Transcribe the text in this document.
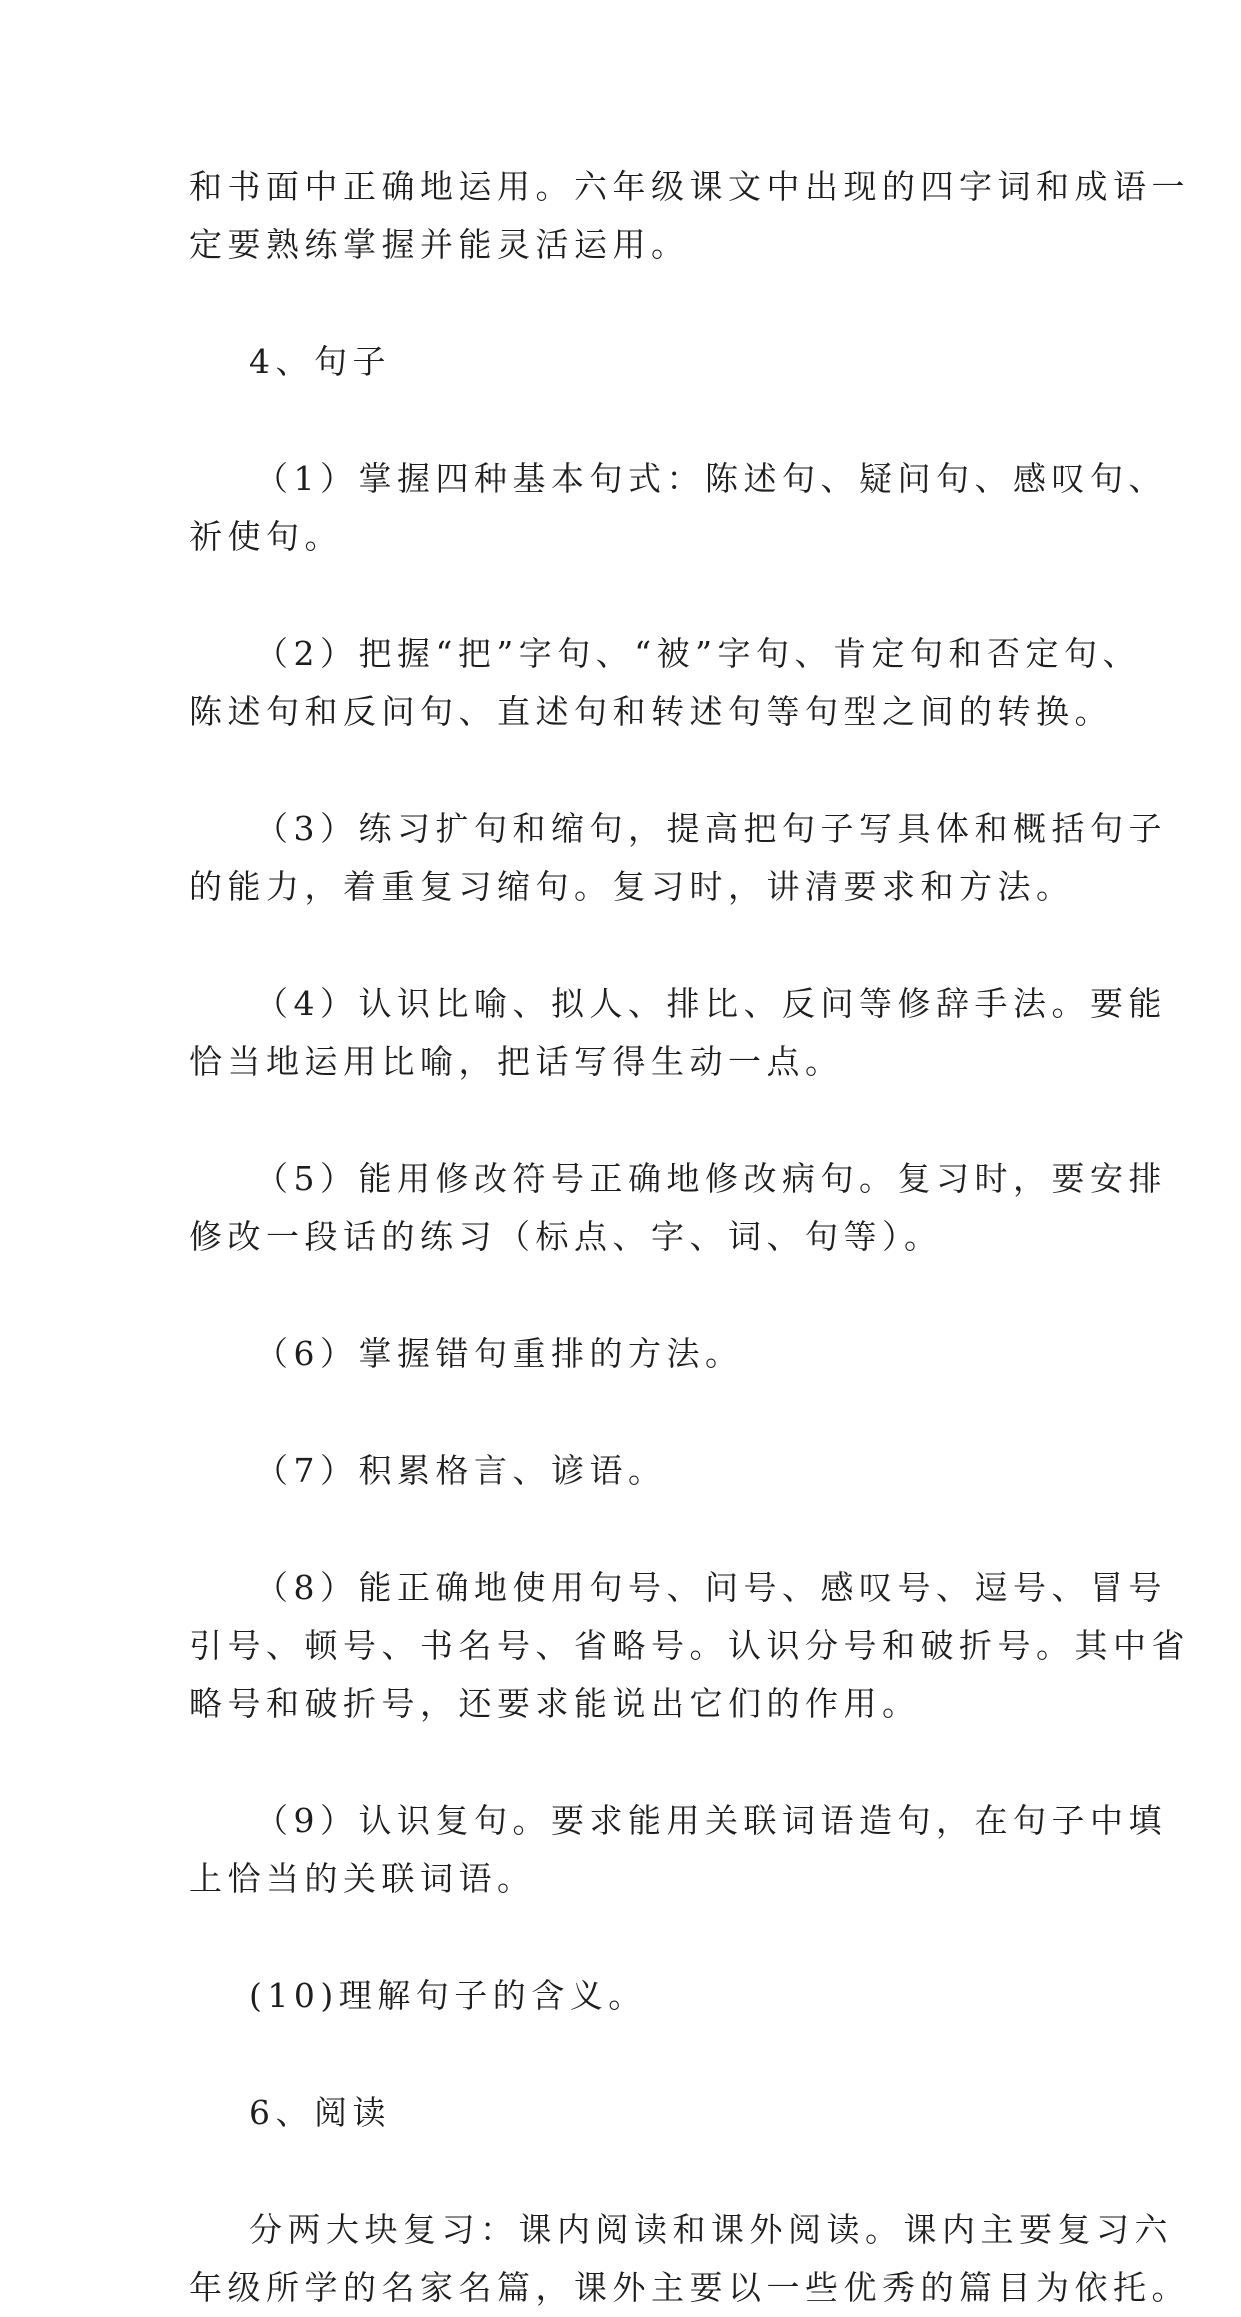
和书面中正确地运用。六年级课文中出现的四字词和成语一
定要熟练掌握并能灵活运用。
4、句子
（1）掌握四种基本句式：陈述句、疑问句、感叹句、
祈使句。
（2）把握“把”字句、“被”字句、肯定句和否定句、
陈述句和反问句、直述句和转述句等句型之间的转换。
（3）练习扩句和缩句，提高把句子写具体和概括句子
的能力，着重复习缩句。复习时，讲清要求和方法。
（4）认识比喻、拟人、排比、反问等修辞手法。要能
恰当地运用比喻，把话写得生动一点。
（5）能用修改符号正确地修改病句。复习时，要安排
修改一段话的练习（标点、字、词、句等）。
（6）掌握错句重排的方法。
（7）积累格言、谚语。
（8）能正确地使用句号、问号、感叹号、逗号、冒号
引号、顿号、书名号、省略号。认识分号和破折号。其中省
略号和破折号，还要求能说出它们的作用。
（9）认识复句。要求能用关联词语造句，在句子中填
上恰当的关联词语。
(10)理解句子的含义。
6、阅读
分两大块复习：课内阅读和课外阅读。课内主要复习六
年级所学的名家名篇，课外主要以一些优秀的篇目为依托。
